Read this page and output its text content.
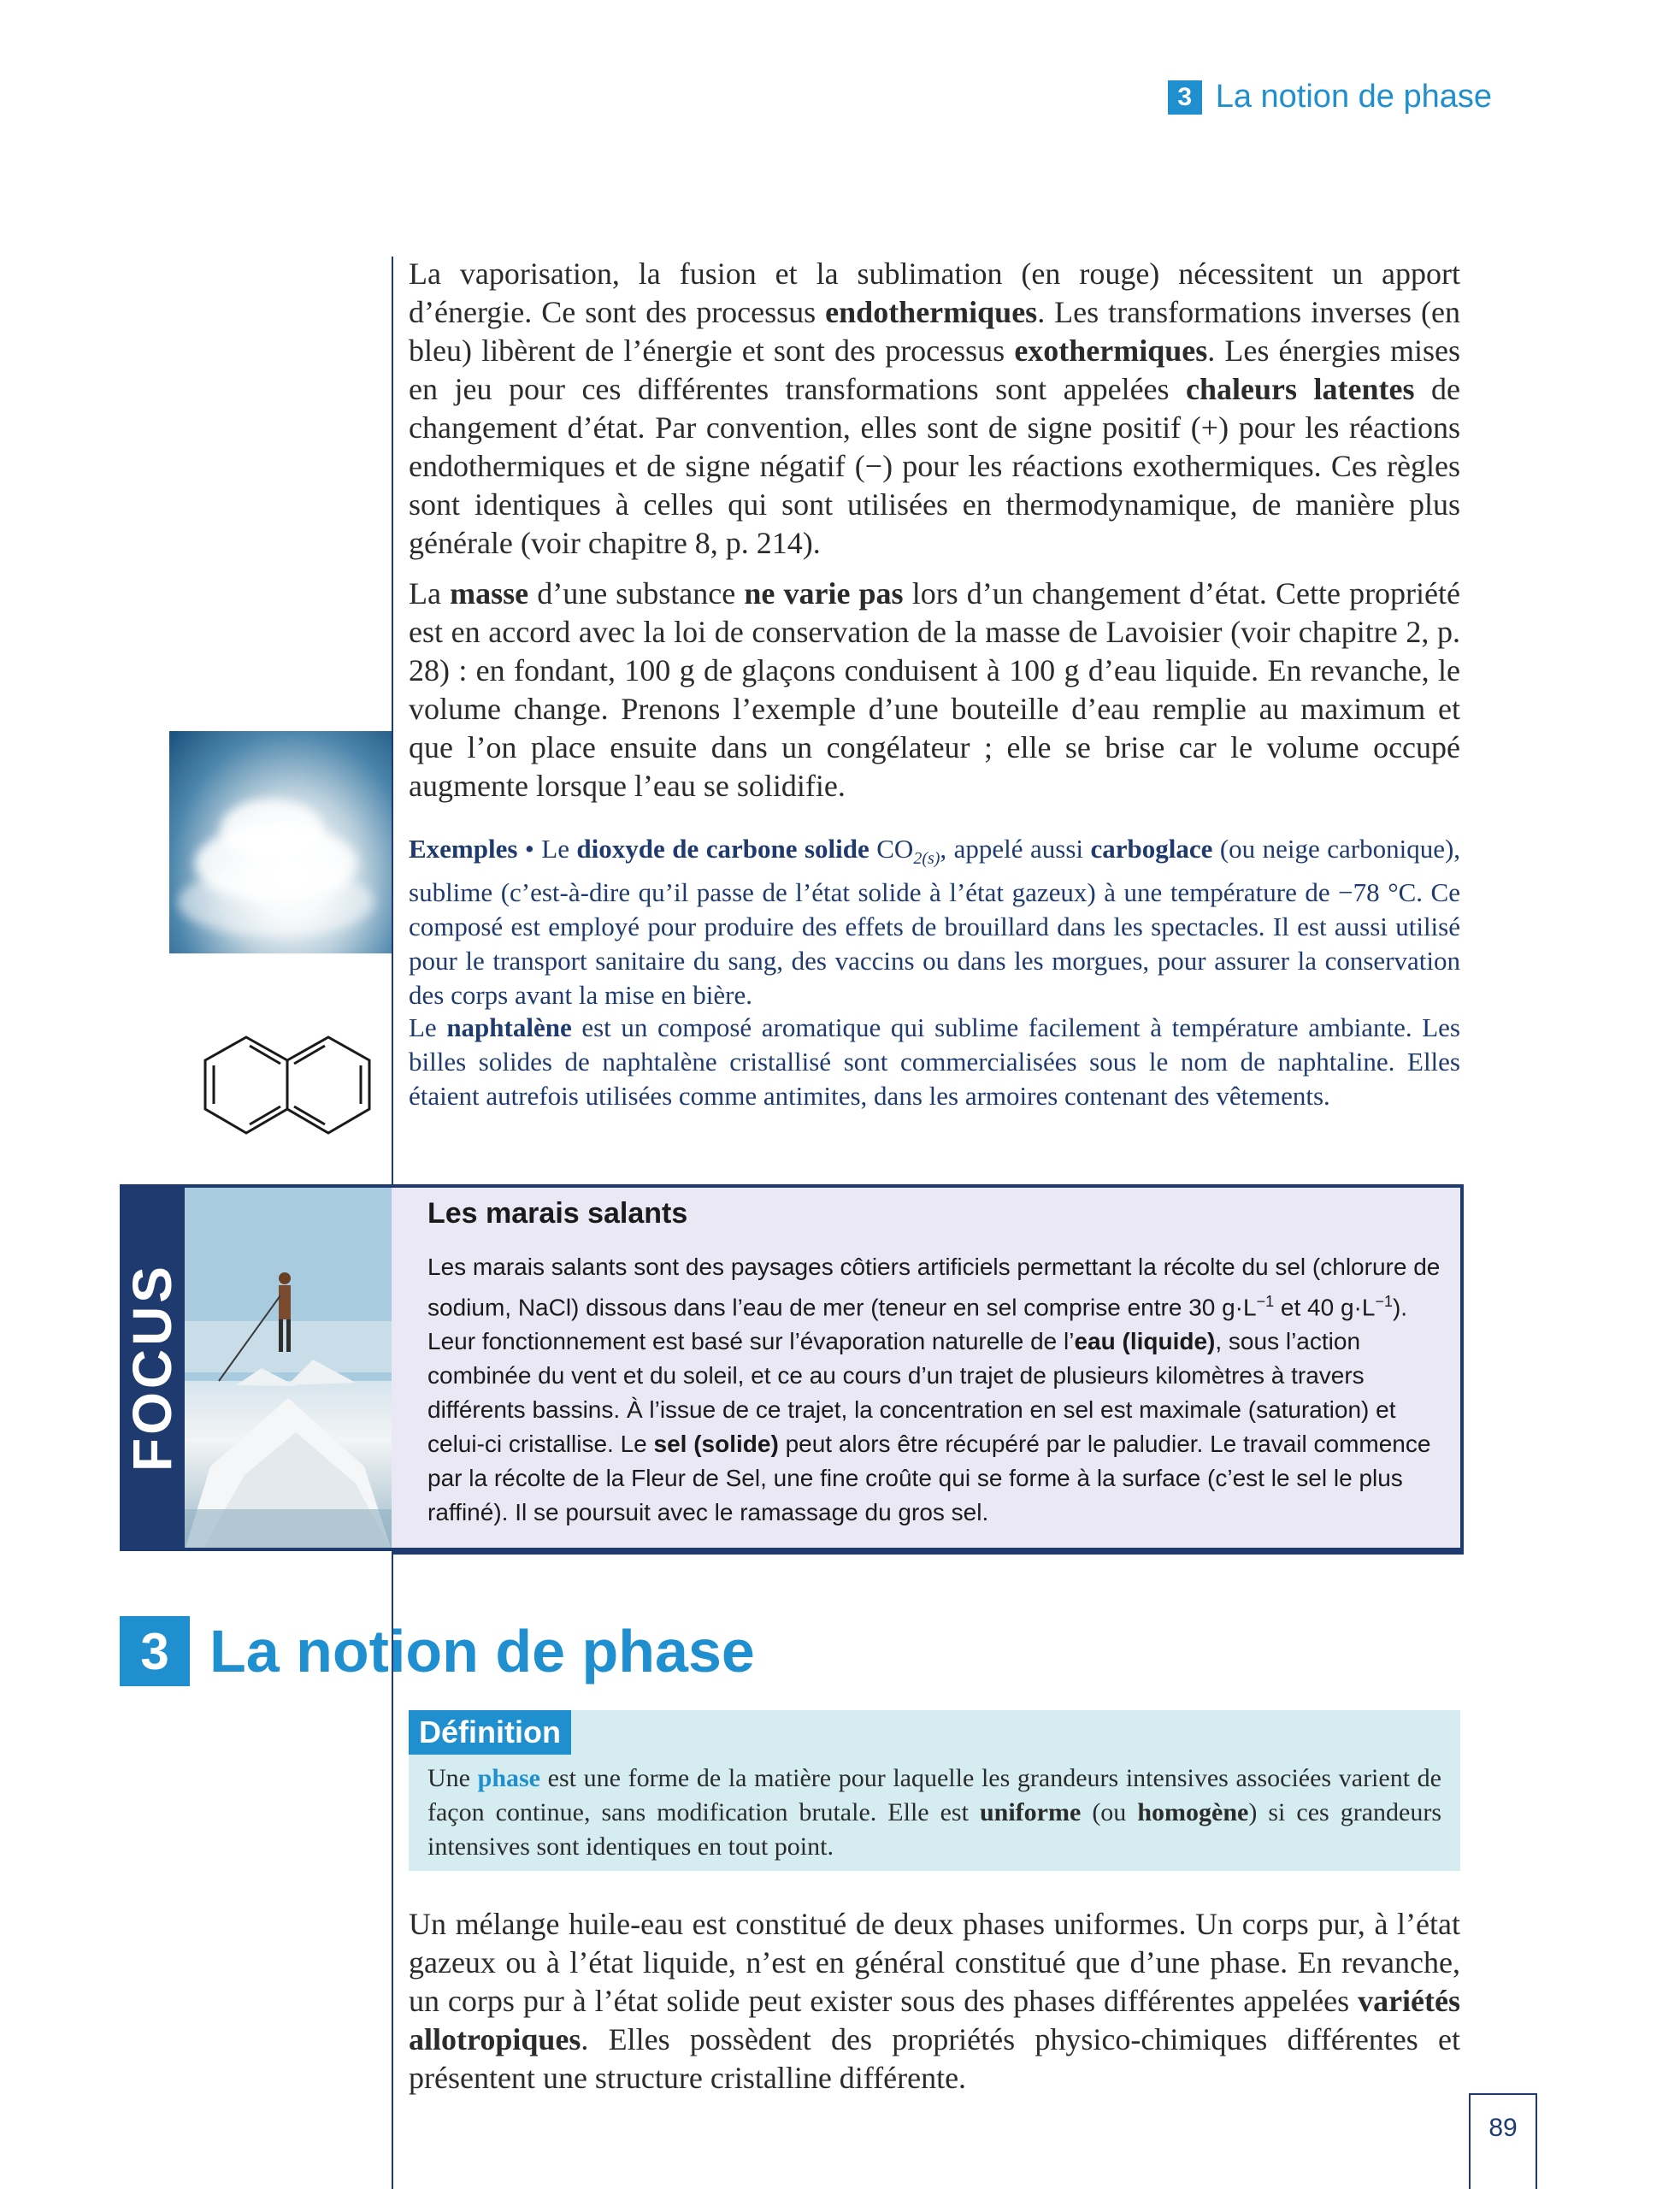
3 La notion de phase

La vaporisation, la fusion et la sublimation (en rouge) nécessitent un apport d’énergie. Ce sont des processus endothermiques. Les transformations inverses (en bleu) libèrent de l’énergie et sont des processus exothermiques. Les énergies mises en jeu pour ces différentes transformations sont appelées chaleurs latentes de changement d’état. Par convention, elles sont de signe positif (+) pour les réactions endothermiques et de signe négatif (−) pour les réactions exothermiques. Ces règles sont identiques à celles qui sont utilisées en thermodynamique, de manière plus générale (voir chapitre 8, p. 214).

La masse d’une substance ne varie pas lors d’un changement d’état. Cette propriété est en accord avec la loi de conservation de la masse de Lavoisier (voir chapitre 2, p. 28) : en fondant, 100 g de glaçons conduisent à 100 g d’eau liquide. En revanche, le volume change. Prenons l’exemple d’une bouteille d’eau remplie au maximum et que l’on place ensuite dans un congélateur ; elle se brise car le volume occupé augmente lorsque l’eau se solidifie.

Exemples • Le dioxyde de carbone solide $CO_{2(s)}$, appelé aussi carboglace (ou neige carbonique), sublime (c’est-à-dire qu’il passe de l’état solide à l’état gazeux) à une température de −78 °C. Ce composé est employé pour produire des effets de brouillard dans les spectacles. Il est aussi utilisé pour le transport sanitaire du sang, des vaccins ou dans les morgues, pour assurer la conservation des corps avant la mise en bière.

Le naphtalène est un composé aromatique qui sublime facilement à température ambiante. Les billes solides de naphtalène cristallisé sont commercialisées sous le nom de naphtaline. Elles étaient autrefois utilisées comme antimites, dans les armoires contenant des vêtements.

FOCUS
Les marais salants

Les marais salants sont des paysages côtiers artificiels permettant la récolte du sel (chlorure de sodium, NaCl) dissous dans l’eau de mer (teneur en sel comprise entre 30 $g\cdot L^{-1}$ et 40 $g\cdot L^{-1}$). Leur fonctionnement est basé sur l’évaporation naturelle de l’eau (liquide), sous l’action combinée du vent et du soleil, et ce au cours d’un trajet de plusieurs kilomètres à travers différents bassins. À l’issue de ce trajet, la concentration en sel est maximale (saturation) et celui-ci cristallise. Le sel (solide) peut alors être récupéré par le paludier. Le travail commence par la récolte de la Fleur de Sel, une fine croûte qui se forme à la surface (c’est le sel le plus raffiné). Il se poursuit avec le ramassage du gros sel.

3 La notion de phase
Définition

Une phase est une forme de la matière pour laquelle les grandeurs intensives associées varient de façon continue, sans modification brutale. Elle est uniforme (ou homogène) si ces grandeurs intensives sont identiques en tout point.

Un mélange huile-eau est constitué de deux phases uniformes. Un corps pur, à l’état gazeux ou à l’état liquide, n’est en général constitué que d’une phase. En revanche, un corps pur à l’état solide peut exister sous des phases différentes appelées variétés allotropiques. Elles possèdent des propriétés physico-chimiques différentes et présentent une structure cristalline différente.

89
